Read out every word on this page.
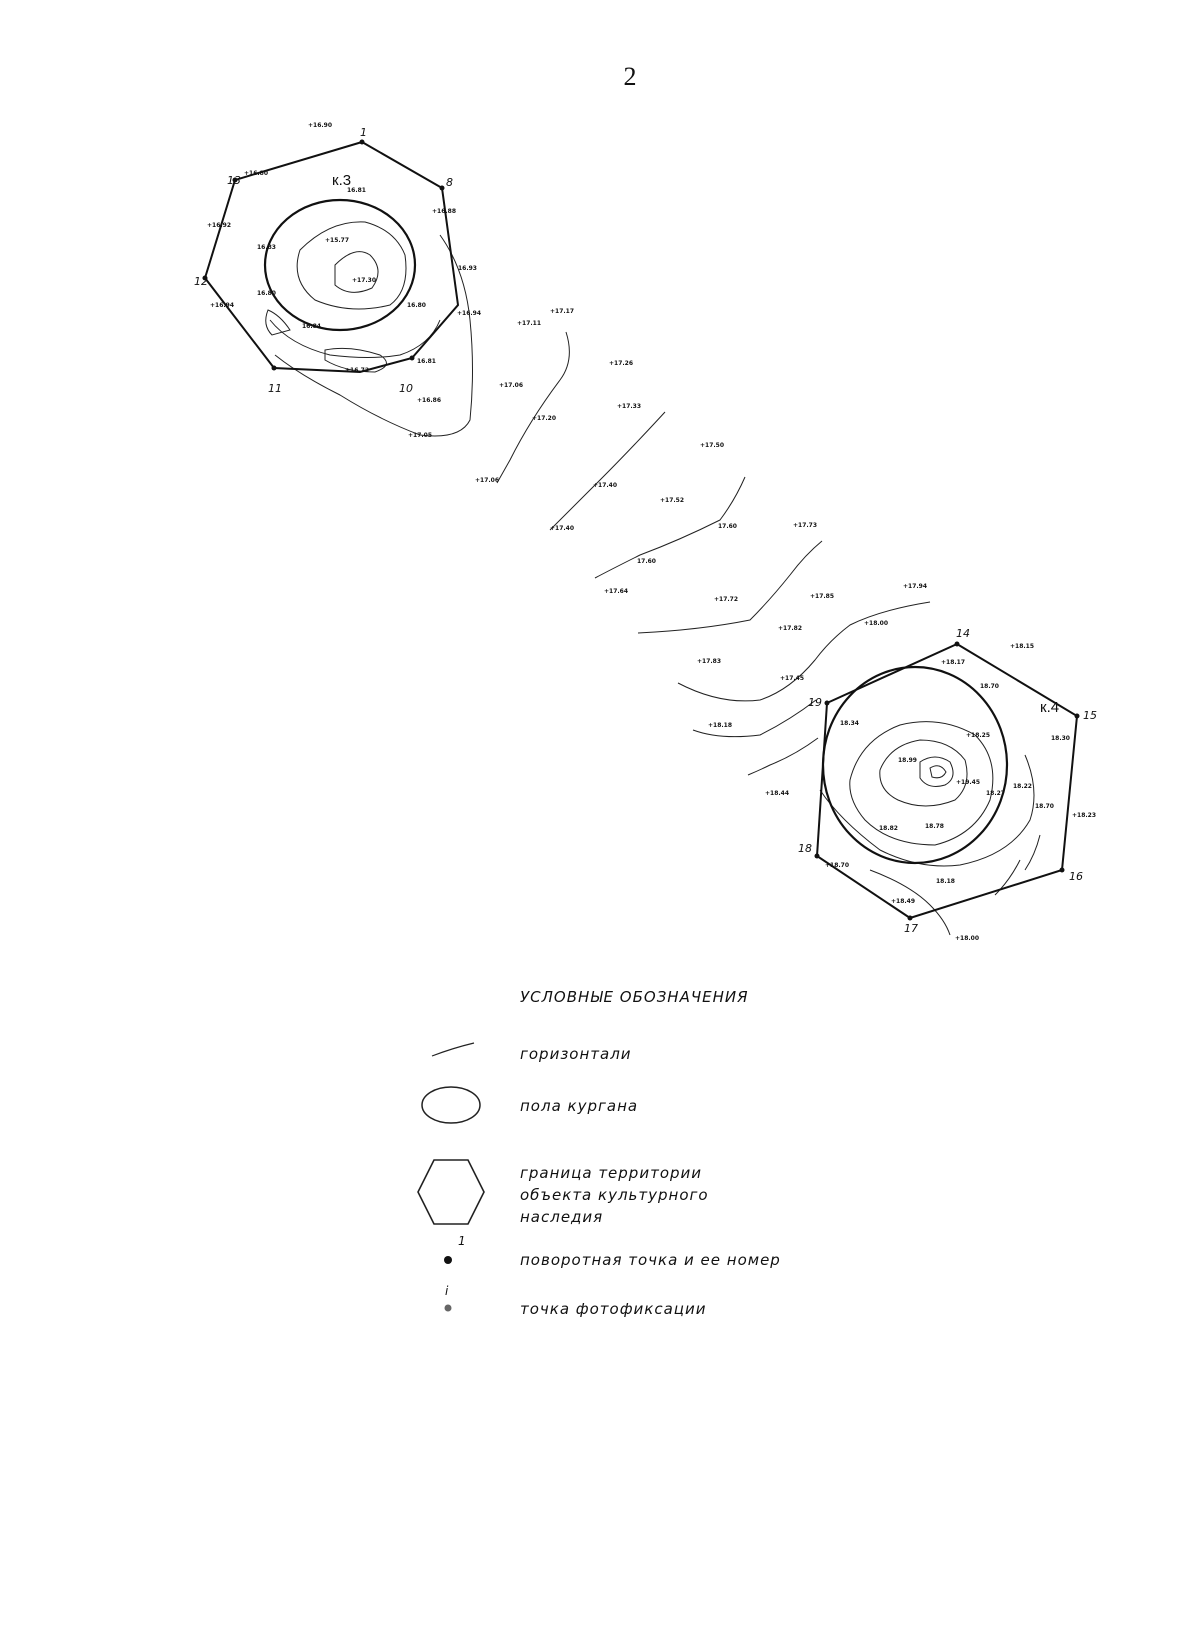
2
к.3
к.4
1
8
10
11
12
13
14
15
16
17
18
19
+16.90
+16.80
16.81
+16.88
+16.92
16.83
+15.77
16.93
+17.30
16.80
16.80
+16.94
16.84
+16.94
+16.72
16.81
+16.86
+17.05
+17.17
+17.11
+17.06
+17.20
+17.26
+17.33
+17.06
+17.50
+17.40
+17.52
+17.40	17.60	+17.73
17.60
+17.64
+17.72	+17.85
+17.94
+17.82
+18.00
+18.15
+17.83
+17.45
+18.17
18.70
+18.18	18.34
+18.25	18.30
18.99
+19.45
+18.44	18.27
18.70
18.22
18.82	18.78
+18.23
+18.70
18.18
+18.49
+18.00
УСЛОВНЫЕ ОБОЗНАЧЕНИЯ
горизонтали
пола кургана
граница территории
объекта культурного
наследия
1
поворотная точка и ее номер
i
точка фотофиксации
